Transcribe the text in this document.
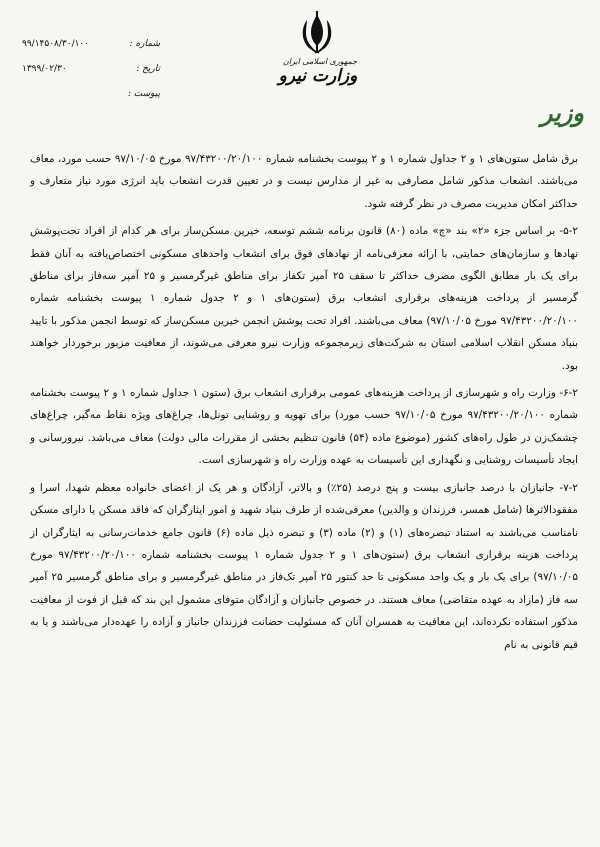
شماره :
۹۹/۱۴۵۰۸/۳۰/۱۰۰
تاریخ :
۱۳۹۹/۰۲/۳۰
پیوست :
جمهوری اسلامی ایران
وزارت نیرو
وزیر

برق شامل ستون‌های ۱ و ۲ جداول شماره ۱ و ۲ پیوست بخشنامه شماره ۹۷/۴۳۲۰۰/۲۰/۱۰۰ مورخ ۹۷/۱۰/۰۵ حسب مورد، معاف می‌باشند. انشعاب مذکور شامل مصارفی به غیر از مدارس نیست و در تعیین قدرت انشعاب باید انرژی مورد نیاز متعارف و حداکثر امکان مدیریت مصرف در نظر گرفته شود.

۵-۲- بر اساس جزء «۲» بند «چ» ماده (۸۰) قانون برنامه ششم توسعه، خیرین مسکن‌ساز برای هر کدام از افراد تحت‌پوشش نهادها و سازمان‌های حمایتی، با ارائه معرفی‌نامه از نهادهای فوق برای انشعاب واحدهای مسکونی اختصاص‌یافته به آنان فقط برای یک بار مطابق الگوی مصرف حداکثر تا سقف ۲۵ آمپر تکفاز برای مناطق غیرگرمسیر و ۲۵ آمپر سه‌فاز برای مناطق گرمسیر از پرداخت هزینه‌های برقراری انشعاب برق (ستون‌های ۱ و ۲ جدول شماره ۱ پیوست بخشنامه شماره ۹۷/۴۳۲۰۰/۲۰/۱۰۰ مورخ ۹۷/۱۰/۰۵) معاف می‌باشند. افراد تحت پوشش انجمن خیرین مسکن‌ساز که توسط انجمن مذکور با تایید بنیاد مسکن انقلاب اسلامی استان به شرکت‌های زیرمجموعه وزارت نیرو معرفی می‌شوند، از معافیت مزبور برخوردار خواهند بود.

۶-۲- وزارت راه و شهرسازی از پرداخت هزینه‌های عمومی برقراری انشعاب برق (ستون ۱ جداول شماره ۱ و ۲ پیوست بخشنامه شماره ۹۷/۴۳۲۰۰/۲۰/۱۰۰ مورخ ۹۷/۱۰/۰۵ حسب مورد) برای تهویه و روشنایی تونل‌ها، چراغ‌های ویژه نقاط مه‌گیر، چراغ‌های چشمک‌زن در طول راه‌های کشور (موضوع ماده (۵۴) قانون تنظیم بخشی از مقررات مالی دولت) معاف می‌باشد. نیرورسانی و ایجاد تأسیسات روشنایی و نگهداری این تأسیسات به عهده وزارت راه و شهرسازی است.

۷-۲- جانبازان با درصد جانبازی بیست و پنج درصد (۲۵٪) و بالاتر، آزادگان و هر یک از اعضای خانواده معظم شهدا، اسرا و مفقودالاثرها (شامل همسر، فرزندان و والدین) معرفی‌شده از طرف بنیاد شهید و امور ایثارگران که فاقد مسکن یا دارای مسکن نامناسب می‌باشند به استناد تبصره‌های (۱) و (۲) ماده (۳) و تبصره ذیل ماده (۶) قانون جامع خدمات‌رسانی به ایثارگران از پرداخت هزینه برقراری انشعاب برق (ستون‌های ۱ و ۲ جدول شماره ۱ پیوست بخشنامه شماره ۹۷/۴۳۲۰۰/۲۰/۱۰۰ مورخ ۹۷/۱۰/۰۵) برای یک بار و یک واحد مسکونی تا حد کنتور ۲۵ آمپر تک‌فاز در مناطق غیرگرمسیر و برای مناطق گرمسیر ۲۵ آمپر سه فاز (مازاد به عهده متقاضی) معاف هستند. در خصوص جانبازان و آزادگان متوفای مشمول این بند که قبل از فوت از معافیت مذکور استفاده نکرده‌اند، این معافیت به همسران آنان که مسئولیت حضانت فرزندان جانباز و آزاده را عهده‌دار می‌باشند و یا به قیم قانونی به نام
